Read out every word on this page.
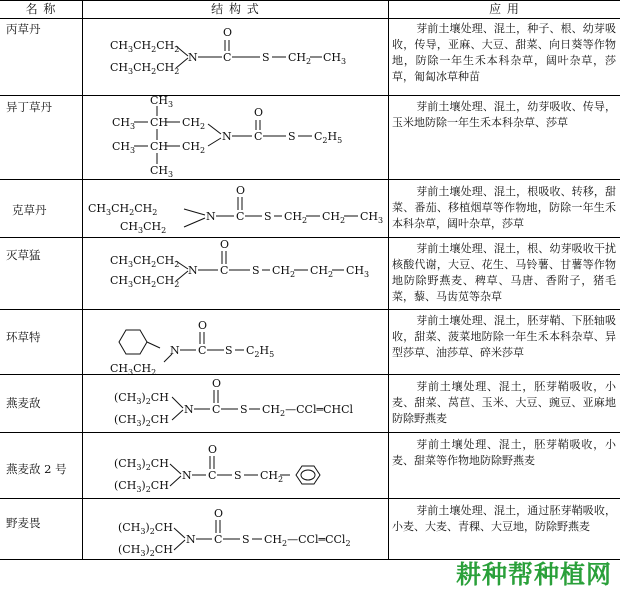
名 称	结 构 式	应 用
丙草丹
异丁草丹
克草丹
灭草猛
环草特
燕麦敌
燕麦敌 2 号
野麦畏
芽前土壤处理、混土，种子、根、幼芽吸收，传导，亚麻、大豆、甜菜、向日葵等作物地，防除一年生禾本科杂草，阔叶杂草，莎草，匍匐冰草种苗
芽前土壤处理、混土，幼芽吸收、传导，玉米地防除一年生禾本科杂草、莎草
芽前土壤处理、混土，根吸收、转移，甜菜、番茄、移植烟草等作物地，防除一年生禾本科杂草，阔叶杂草，莎草
芽前土壤处理、混土，根、幼芽吸收干扰核酸代谢，大豆、花生、马铃薯、甘薯等作物地防除野燕麦、稗草、马唐、香附子，猪毛菜，藜、马齿苋等杂草
芽前土壤处理、混土，胚芽鞘、下胚轴吸收，甜菜、菠菜地防除一年生禾本科杂草、异型莎草、油莎草、碎米莎草
芽前土壤处理、混土，胚芽鞘吸收，小麦、甜菜、莴苣、玉米、大豆、豌豆、亚麻地防除野燕麦
芽前土壤处理、混土，胚芽鞘吸收，小麦、甜菜等作物地防除野燕麦
芽前土壤处理、混土，通过胚芽鞘吸收，小麦、大麦、青稞、大豆地，防除野燕麦
CH3CH2CH2
CH3CH2CH2
N C
O
S CH2 CH3
CH3
CH3 CH CH2
CH3 CH CH2
CH3
N C
O
S C2H5
CH3CH2CH2
CH3CH2
N C
O
S CH2 CH2 CH3
CH3CH2CH2
CH3CH2CH2
N C
O
S CH2 CH2 CH3
CH3CH2
N C
O
S C2H5
(CH3)2CH
(CH3)2CH
N C
O
S CH2—CCl═CHCl
(CH3)2CH
(CH3)2CH
N C
O
S CH2
(CH3)2CH
(CH3)2CH
N C
O
S CH2—CCl═CCl2
耕种帮种植网
